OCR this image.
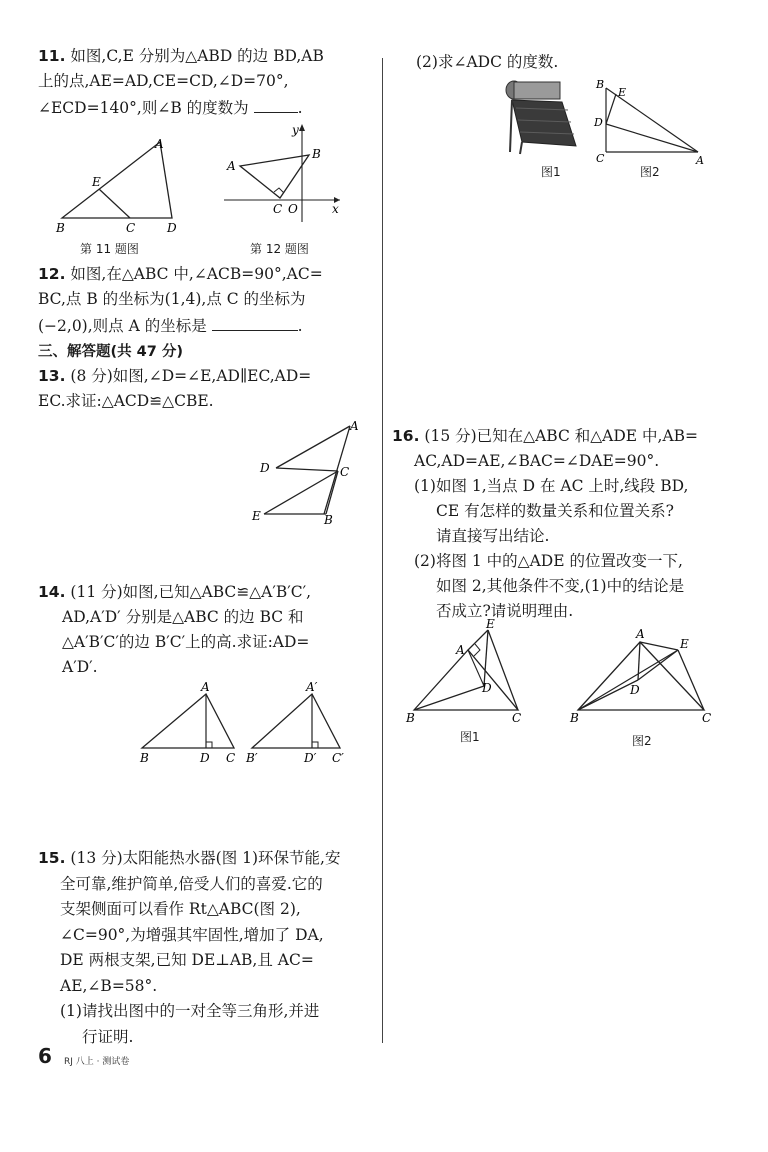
11. 如图,C,E 分别为△ABD 的边 BD,AB
上的点,AE=AD,CE=CD,∠D=70°,
∠ECD=140°,则∠B 的度数为	.
A
E
B	C	D
第 11 题图
y
A
B
C O	x
第 12 题图
12. 如图,在△ABC 中,∠ACB=90°,AC=
BC,点 B 的坐标为(1,4),点 C 的坐标为
(−2,0),则点 A 的坐标是	.
三、解答题(共 47 分)
13. (8 分)如图,∠D=∠E,AD∥EC,AD=
EC.求证:△ACD≌△CBE.
A
D	C
E	B
14. (11 分)如图,已知△ABC≌△A′B′C′,

AD,A′D′ 分别是△ABC 的边 BC 和
△A′B′C′的边 B′C′上的高.求证:AD=
A′D′.
A
B	D C
A′
B′	D′ C′
15. (13 分)太阳能热水器(图 1)环保节能,安

全可靠,维护简单,倍受人们的喜爱.它的
支架侧面可以看作 Rt△ABC(图 2),
∠C=90°,为增强其牢固性,增加了 DA,
DE 两根支架,已知 DE⊥AB,且 AC=
AE,∠B=58°.
(1)请找出图中的一对全等三角形,并进
行证明.
(2)求∠ADC 的度数.
图1
B
E
D
C	A
图2
16. (15 分)已知在△ABC 和△ADE 中,AB=

AC,AD=AE,∠BAC=∠DAE=90°.
(1)如图 1,当点 D 在 AC 上时,线段 BD,
CE 有怎样的数量关系和位置关系?
请直接写出结论.
(2)将图 1 中的△ADE 的位置改变一下,
如图 2,其他条件不变,(1)中的结论是
否成立?请说明理由.
E
A
D
B	C
图1
A
E
D
B	C
图2
6 RJ 八上 · 测试卷
